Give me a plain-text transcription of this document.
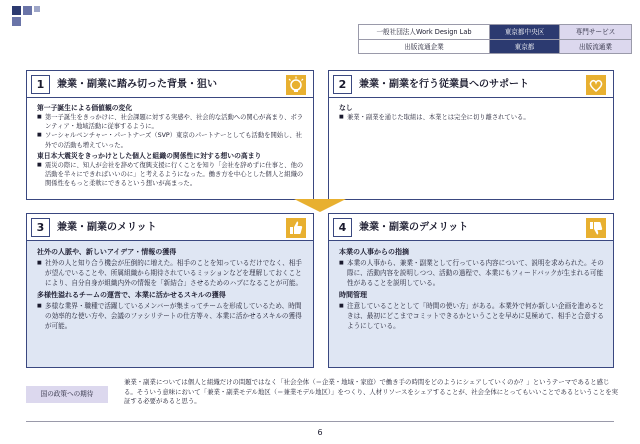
一般社団法人Work Design Lab	東京都中央区	専門サービス
出版流通企業	東京都	出版流通業
1	兼業・副業に踏み切った背景・狙い
第一子誕生による価値観の変化
■ 第一子誕生をきっかけに、社会課題に対する実感や、社会的な活動への関心が高まり、ボランティア・地域活動に従事するように。
■ ソーシャルベンチャー・パートナーズ（SVP）東京のパートナーとしても活動を開始し、社外での活動も増えていった。
東日本大震災をきっかけとした個人と組織の関係性に対する想いの高まり
■ 震災の際に、知人が会社を辞めて復興支援に行くことを知り「会社を辞めずに仕事と、他の活動を半々にできればいいのに」と考えるようになった。働き方を中心とした個人と組織の関係性をもっと柔軟にできるという想いが高まった。
2	兼業・副業を行う従業員へのサポート
なし
■ 兼業・副業を通じた取組は、本業とは完全に切り離されている。
3	兼業・副業のメリット
社外の人脈や、新しいアイデア・情報の獲得
■ 社外の人と知り合う機会が圧倒的に増えた。相手のことを知っているだけでなく、相手が望んでいることや、所属組織から期待されているミッションなどを理解しておくことにより、自分自身が組織内外の情報を「新結合」させるためのハブになることが可能。
多様性溢れるチームの運営で、本業に活かせるスキルの獲得
■ 多様な業界・職種で活躍しているメンバーが集まってチームを形成しているため、時間の効率的な使い方や、会議のファシリテートの仕方等々、本業に活かせるスキルの獲得が可能。
4	兼業・副業のデメリット
本業の人事からの指摘
■ 本業の人事から、兼業・副業として行っている内容について、説明を求められた。その際に、活動内容を説明しつつ、活動の過程で、本業にもフィードバックが生まれる可能性があることを説明している。
時間管理
■ 注意していることとして「時間の使い方」がある。本業外で何か新しい企画を進めるときは、最初にどこまでコミットできるかということを早めに見極めて、相手と合意するようにしている。
国の政策への期待
兼業・副業については個人と組織だけの問題ではなく「社会全体（＝企業・地域・家庭）で働き手の時間をどのようにシェアしていくのか？」というテーマであると感じる。そういう意味において「兼業・副業モデル地区（＝兼業モデル地区）」をつくり、人材リソースをシェアすることが、社会全体にとってもいいことであるということを実証する必要があると思う。
6
